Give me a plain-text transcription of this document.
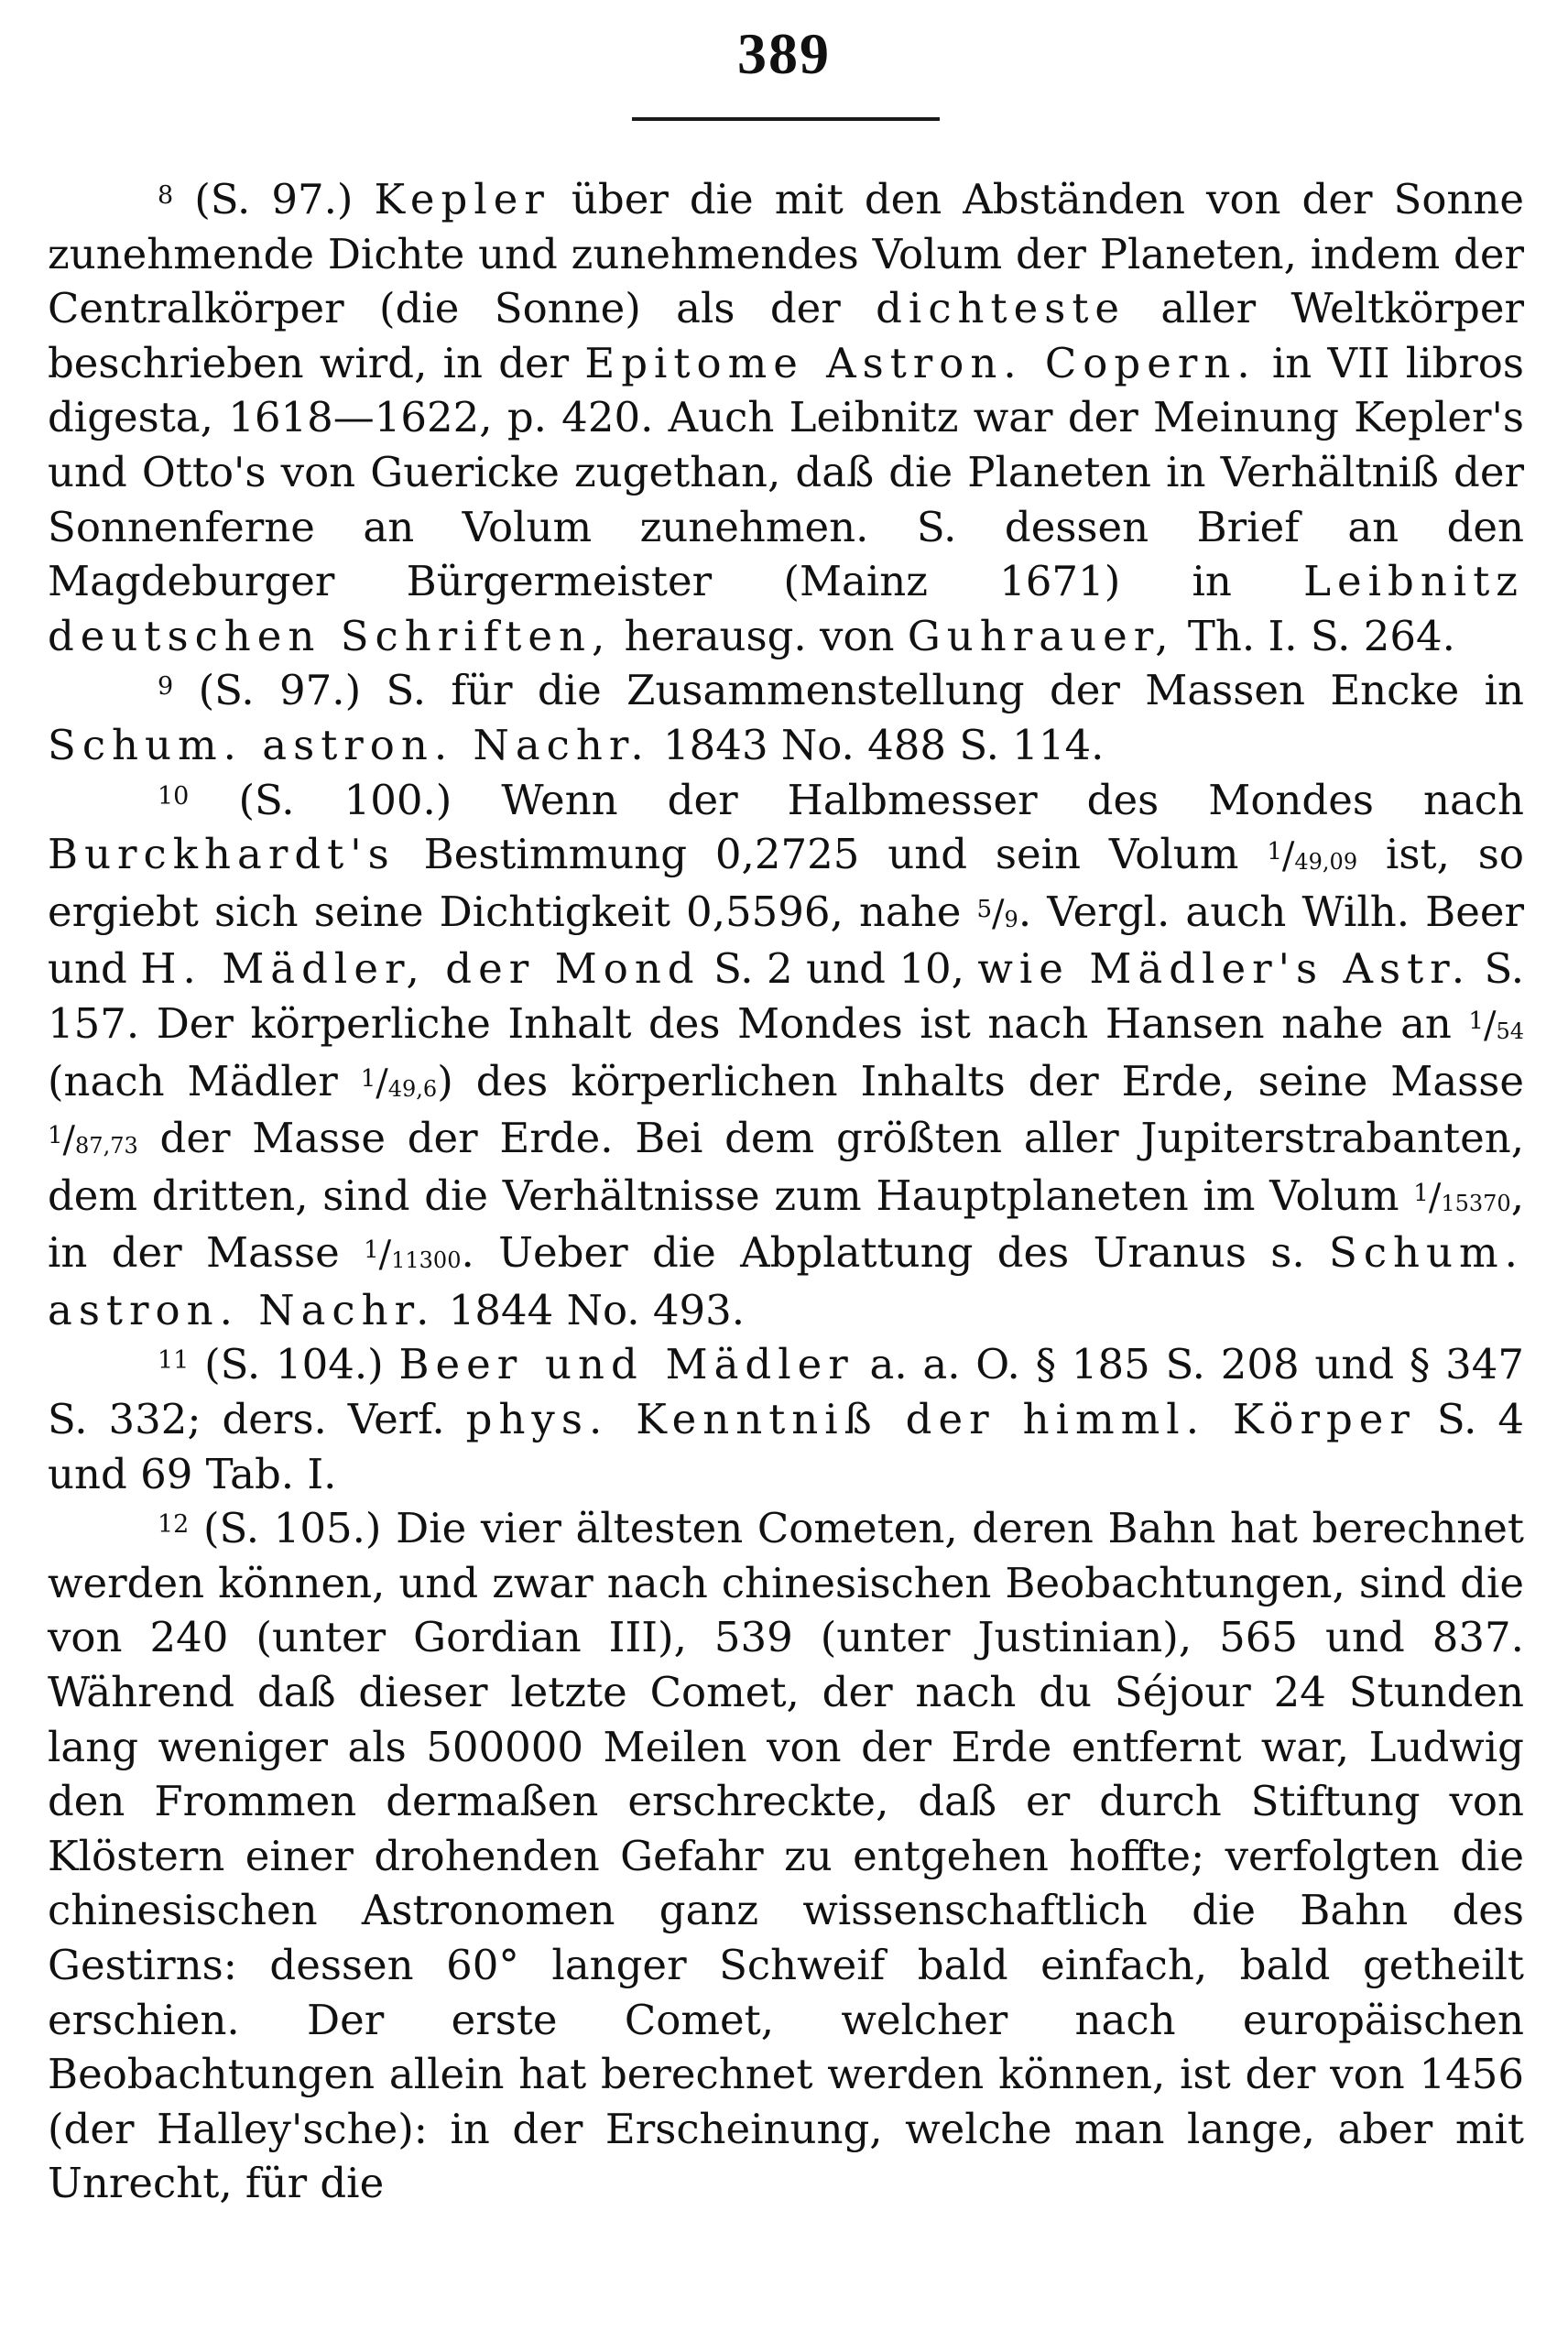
389

$^8$ (S. 97.) Kepler über die mit den Abständen von der Sonne zunehmende Dichte und zunehmendes Volum der Planeten, indem der Centralkörper (die Sonne) als der dichteste aller Weltkörper beschrieben wird, in der Epitome Astron. Copern. in VII libros digesta, 1618—1622, p. 420. Auch Leibnitz war der Meinung Kepler's und Otto's von Guericke zugethan, daß die Planeten in Verhältniß der Sonnenferne an Volum zunehmen. S. dessen Brief an den Magdeburger Bürgermeister (Mainz 1671) in Leibnitz deutschen Schriften, herausg. von Guhrauer, Th. I. S. 264.

$^9$ (S. 97.) S. für die Zusammenstellung der Massen Encke in Schum. astron. Nachr. 1843 No. 488 S. 114.

$^{10}$ (S. 100.) Wenn der Halbmesser des Mondes nach Burckhardt's Bestimmung 0,2725 und sein Volum $^1$/49,09 ist, so ergiebt sich seine Dichtigkeit 0,5596, nahe $^5$/9. Vergl. auch Wilh. Beer und H. Mädler, der Mond S. 2 und 10, wie Mädler's Astr. S. 157. Der körperliche Inhalt des Mondes ist nach Hansen nahe an $^1$/54 (nach Mädler $^1$/49,6) des körperlichen Inhalts der Erde, seine Masse $^1$/87,73 der Masse der Erde. Bei dem größten aller Jupiterstrabanten, dem dritten, sind die Verhältnisse zum Hauptplaneten im Volum $^1$/15370, in der Masse $^1$/11300. Ueber die Abplattung des Uranus s. Schum. astron. Nachr. 1844 No. 493.

$^{11}$ (S. 104.) Beer und Mädler a. a. O. § 185 S. 208 und § 347 S. 332; ders. Verf. phys. Kenntniß der himml. Körper S. 4 und 69 Tab. I.

$^{12}$ (S. 105.) Die vier ältesten Cometen, deren Bahn hat berechnet werden können, und zwar nach chinesischen Beobachtungen, sind die von 240 (unter Gordian III), 539 (unter Justinian), 565 und 837. Während daß dieser letzte Comet, der nach du Séjour 24 Stunden lang weniger als 500000 Meilen von der Erde entfernt war, Ludwig den Frommen dermaßen erschreckte, daß er durch Stiftung von Klöstern einer drohenden Gefahr zu entgehen hoffte; verfolgten die chinesischen Astronomen ganz wissenschaftlich die Bahn des Gestirns: dessen 60° langer Schweif bald einfach, bald getheilt erschien. Der erste Comet, welcher nach europäischen Beobachtungen allein hat berechnet werden können, ist der von 1456 (der Halley'sche): in der Erscheinung, welche man lange, aber mit Unrecht, für die
